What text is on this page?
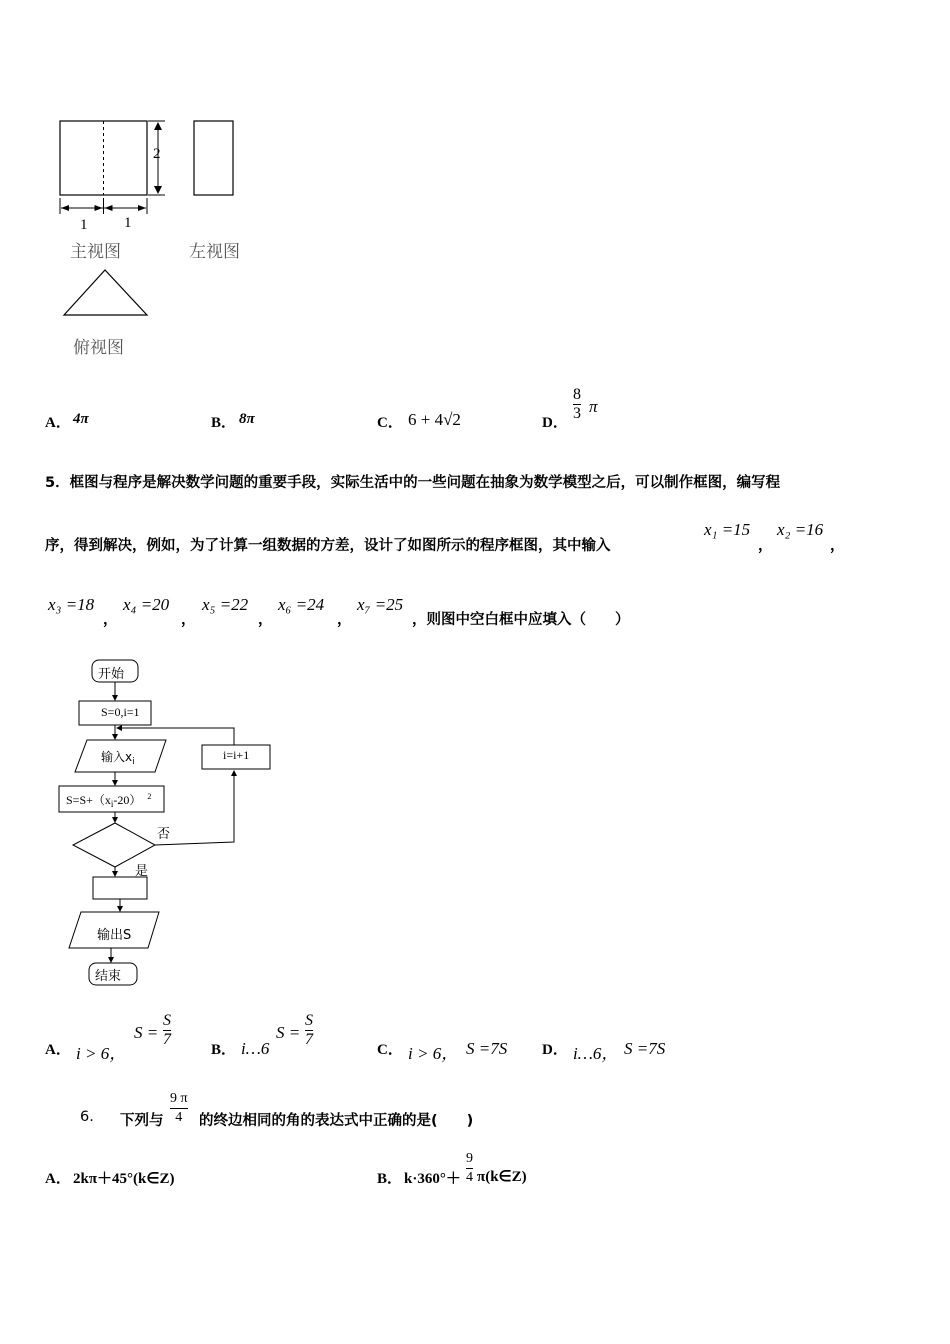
2
1 1
主视图	左视图
俯视图
A． 4π	B． 8π	C． 6 + 4√2	D．
8
3 π
5．框图与程序是解决数学问题的重要手段，实际生活中的一些问题在抽象为数学模型之后，可以制作框图，编写程
序，得到解决，例如，为了计算一组数据的方差，设计了如图所示的程序框图，其中输入
x₁ =15
，
x₂ =16
，
x₃ =18
，
x₄ =20
，
x₅ =22
，
x₆ =24
，
x₇ =25
，则图中空白框中应填入（　　）
开始
S=0,i=1
输入$x_i$
$S=S+(x_i-20)$ $^2$
i=i+1
否
是
输出S
结束
A． i > 6，
S =
S
7
B． i…6
S =
S
7
C． i > 6， S =7S D． i…6， S =7S
6. 下列与
9 π
4	的终边相同的角的表达式中正确的是(　　)
A． 2kπ＋45°(k∈Z)	B． k·360°＋
9
4 π(k∈Z)
